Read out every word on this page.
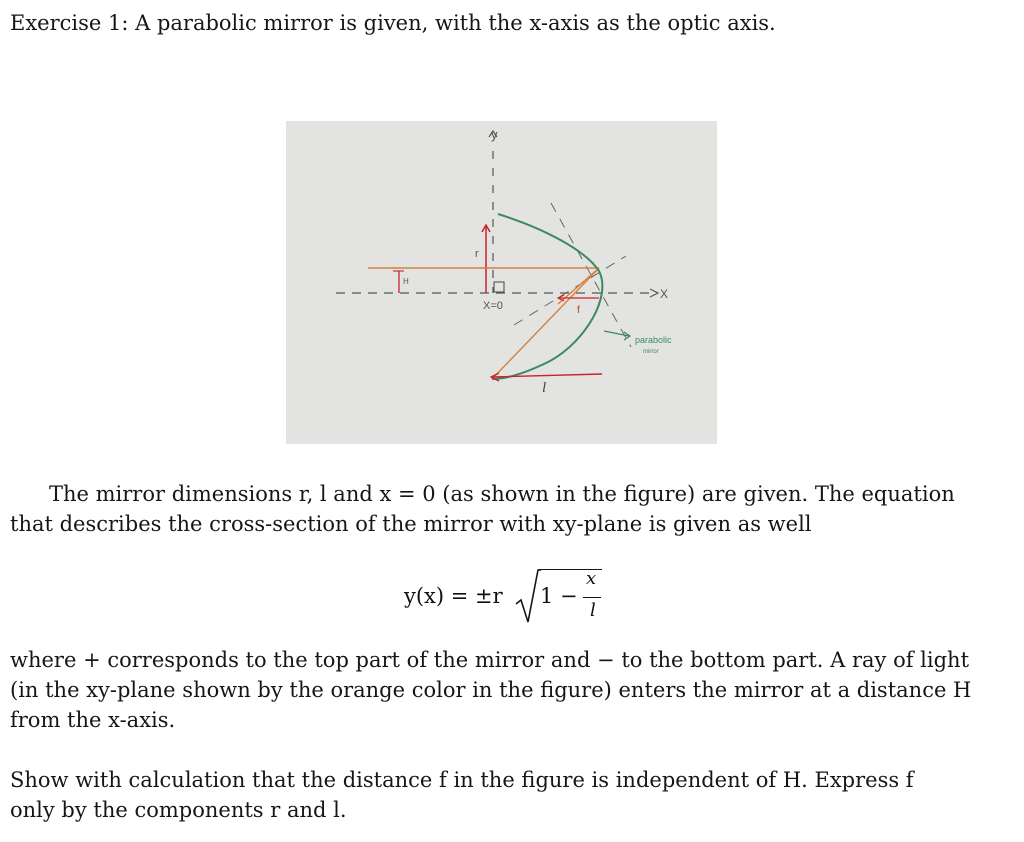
Exercise 1: A parabolic mirror is given, with the x-axis as the optic axis.
y
r
H
X=0
X
f
l
parabolic
mirror
The mirror dimensions r, l and x = 0 (as shown in the figure) are given. The equation
that describes the cross-section of the mirror with xy-plane is given as well
y(x) = ±r 1 −
x
l
where + corresponds to the top part of the mirror and − to the bottom part. A ray of light
(in the xy-plane shown by the orange color in the figure) enters the mirror at a distance H
from the x-axis.
Show with calculation that the distance f in the figure is independent of H. Express f
only by the components r and l.
